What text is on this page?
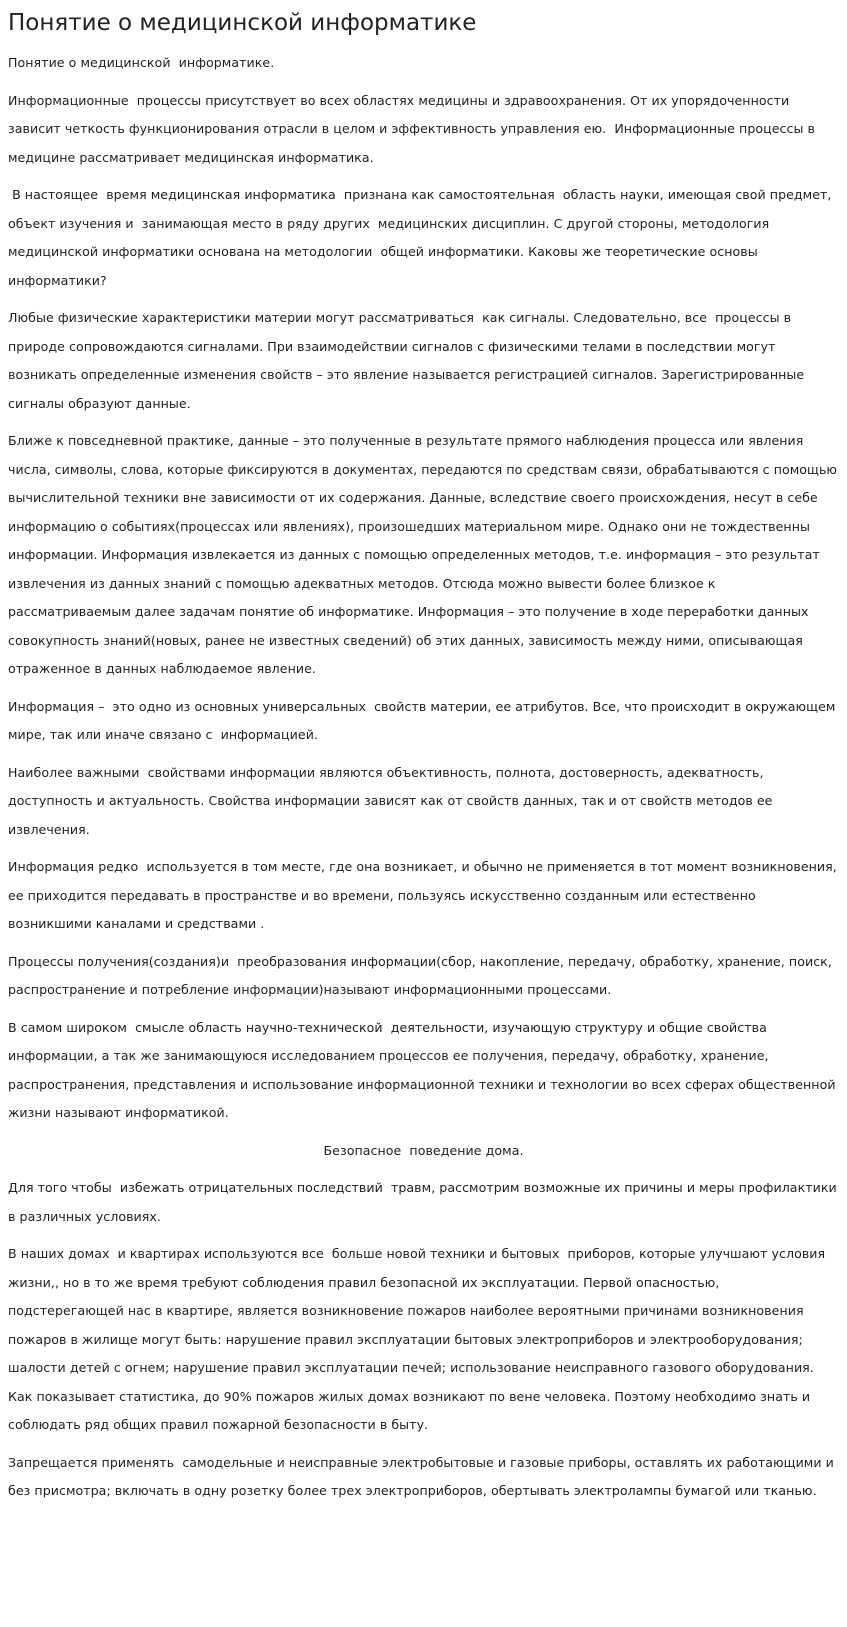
Понятие о медицинской информатике

Понятие о медицинской  информатике.

Информационные  процессы присутствует во всех областях медицины и здравоохранения. От их упорядоченности зависит четкость функционирования отрасли в целом и эффективность управления ею.  Информационные процессы в медицине рассматривает медицинская информатика.

В настоящее  время медицинская информатика  признана как самостоятельная  область науки, имеющая свой предмет, объект изучения и  занимающая место в ряду других  медицинских дисциплин. С другой стороны, методология медицинской информатики основана на методологии  общей информатики. Каковы же теоретические основы информатики?

Любые физические характеристики материи могут рассматриваться  как сигналы. Следовательно, все  процессы в природе сопровождаются сигналами. При взаимодействии сигналов с физическими телами в последствии могут возникать определенные изменения свойств – это явление называется регистрацией сигналов. Зарегистрированные сигналы образуют данные.

Ближе к повседневной практике, данные – это полученные в результате прямого наблюдения процесса или явления числа, символы, слова, которые фиксируются в документах, передаются по средствам связи, обрабатываются с помощью вычислительной техники вне зависимости от их содержания. Данные, вследствие своего происхождения, несут в себе информацию о событиях(процессах или явлениях), произошедших материальном мире. Однако они не тождественны информации. Информация извлекается из данных с помощью определенных методов, т.е. информация – это результат извлечения из данных знаний с помощью адекватных методов. Отсюда можно вывести более близкое к рассматриваемым далее задачам понятие об информатике. Информация – это получение в ходе переработки данных совокупность знаний(новых, ранее не известных сведений) об этих данных, зависимость между ними, описывающая отраженное в данных наблюдаемое явление.

Информация –  это одно из основных универсальных  свойств материи, ее атрибутов. Все, что происходит в окружающем мире, так или иначе связано с  информацией.

Наиболее важными  свойствами информации являются объективность, полнота, достоверность, адекватность, доступность и актуальность. Свойства информации зависят как от свойств данных, так и от свойств методов ее извлечения.

Информация редко  используется в том месте, где она возникает, и обычно не применяется в тот момент возникновения, ее приходится передавать в пространстве и во времени, пользуясь искусственно созданным или естественно возникшими каналами и средствами .

Процессы получения(создания)и  преобразования информации(сбор, накопление, передачу, обработку, хранение, поиск, распространение и потребление информации)называют информационными процессами.

В самом широком  смысле область научно-технической  деятельности, изучающую структуру и общие свойства информации, а так же занимающуюся исследованием процессов ее получения, передачу, обработку, хранение, распространения, представления и использование информационной техники и технологии во всех сферах общественной жизни называют информатикой.

Безопасное  поведение дома.

Для того чтобы  избежать отрицательных последствий  травм, рассмотрим возможные их причины и меры профилактики в различных условиях.

В наших домах  и квартирах используются все  больше новой техники и бытовых  приборов, которые улучшают условия  жизни,, но в то же время требуют соблюдения правил безопасной их эксплуатации. Первой опасностью, подстерегающей нас в квартире, является возникновение пожаров наиболее вероятными причинами возникновения пожаров в жилище могут быть: нарушение правил эксплуатации бытовых электроприборов и электрооборудования; шалости детей с огнем; нарушение правил эксплуатации печей; использование неисправного газового оборудования. Как показывает статистика, до 90% пожаров жилых домах возникают по вене человека. Поэтому необходимо знать и соблюдать ряд общих правил пожарной безопасности в быту.

Запрещается применять  самодельные и неисправные электробытовые и газовые приборы, оставлять их работающими и без присмотра; включать в одну розетку более трех электроприборов, обертывать электролампы бумагой или тканью.
